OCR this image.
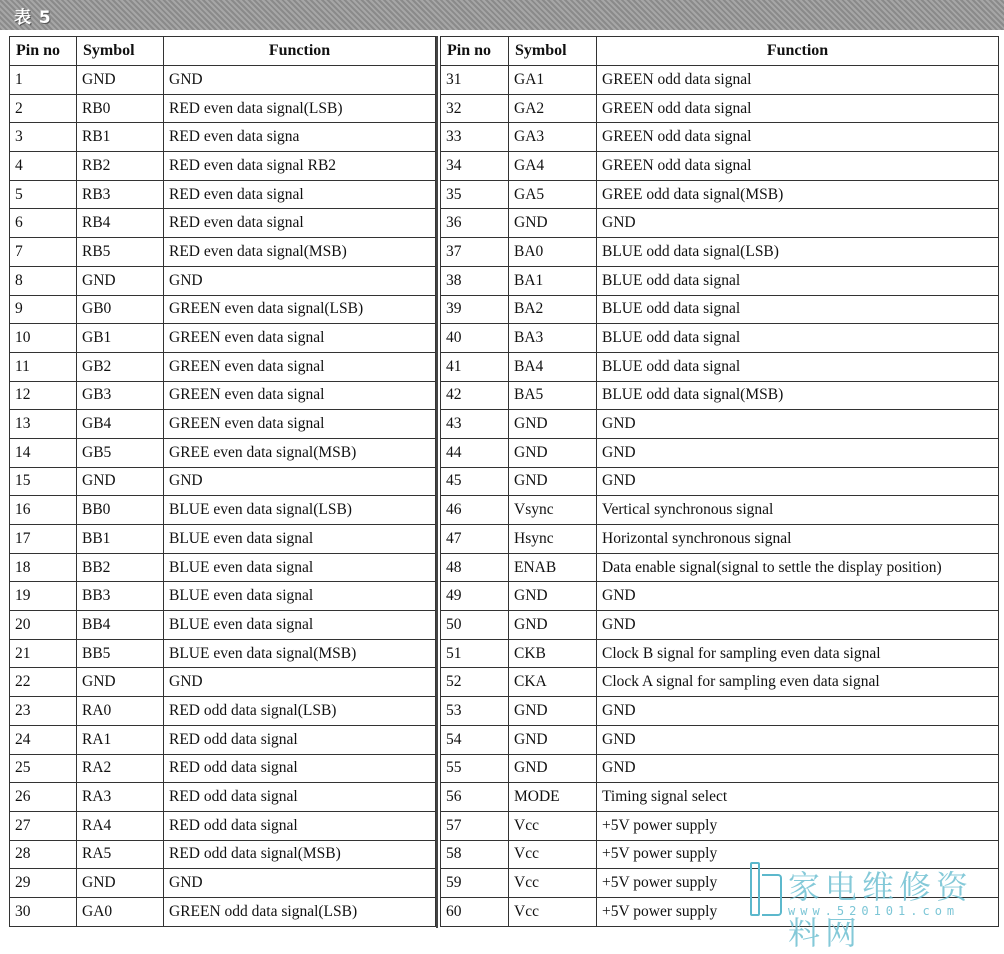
表 5
Pin no	Symbol	Function
1	GND	GND
2	RB0	RED even data signal(LSB)
3	RB1	RED even data signa
4	RB2	RED even data signal RB2
5	RB3	RED even data signal
6	RB4	RED even data signal
7	RB5	RED even data signal(MSB)
8	GND	GND
9	GB0	GREEN even data signal(LSB)
10	GB1	GREEN even data signal
11	GB2	GREEN even data signal
12	GB3	GREEN even data signal
13	GB4	GREEN even data signal
14	GB5	GREE even data signal(MSB)
15	GND	GND
16	BB0	BLUE even data signal(LSB)
17	BB1	BLUE even data signal
18	BB2	BLUE even data signal
19	BB3	BLUE even data signal
20	BB4	BLUE even data signal
21	BB5	BLUE even data signal(MSB)
22	GND	GND
23	RA0	RED odd data signal(LSB)
24	RA1	RED odd data signal
25	RA2	RED odd data signal
26	RA3	RED odd data signal
27	RA4	RED odd data signal
28	RA5	RED odd data signal(MSB)
29	GND	GND
30	GA0	GREEN odd data signal(LSB)
Pin no	Symbol	Function
31	GA1	GREEN odd data signal
32	GA2	GREEN odd data signal
33	GA3	GREEN odd data signal
34	GA4	GREEN odd data signal
35	GA5	GREE odd data signal(MSB)
36	GND	GND
37	BA0	BLUE odd data signal(LSB)
38	BA1	BLUE odd data signal
39	BA2	BLUE odd data signal
40	BA3	BLUE odd data signal
41	BA4	BLUE odd data signal
42	BA5	BLUE odd data signal(MSB)
43	GND	GND
44	GND	GND
45	GND	GND
46	Vsync	Vertical synchronous signal
47	Hsync	Horizontal synchronous signal
48	ENAB	Data enable signal(signal to settle the display position)
49	GND	GND
50	GND	GND
51	CKB	Clock B signal for sampling even data signal
52	CKA	Clock A signal for sampling even data signal
53	GND	GND
54	GND	GND
55	GND	GND
56	MODE	Timing signal select
57	Vcc	+5V power supply
58	Vcc	+5V power supply
59	Vcc	+5V power supply
60	Vcc	+5V power supply
家电维修资料网
www.520101.com
